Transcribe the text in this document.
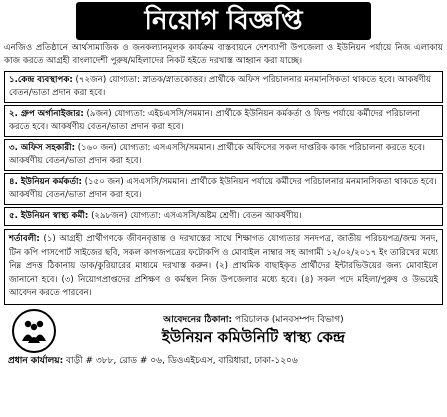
নিয়োগ বিজ্ঞপ্তি

এনজিও প্রতিষ্ঠানে আর্থসামাজিক ও জনকল্যানমূলক কার্যক্রম বাস্তবায়নে দেশব্যাপী উপজেলা ও ইউনিয়ন পর্যায়ে নিজ এলাকায় কাজ করতে আগ্রহী বাংলাদেশী পুরুষ/মহিলাদের নিকট হইতে দরখাস্ত আহ্বান করা যাচ্ছে।

১.কেন্দ্র ব্যবস্থাপক: (৭২জন) যোগ্যতা: স্নাতক/স্নাতকোত্তর। প্রার্থীকে অফিস পরিচালনার মনমানসিকতা থাকতে হবে। আকর্ষণীয় বেতন/ভাতা প্রদান করা হবে।
২. গ্রুপ অর্গানাইজার: (৯জন) যোগ্যতা: এইচএসসি/সমমান। প্রার্থীকে ইউনিয়ন কর্মকর্তা ও ফিল্ড পর্যায়ে কর্মীদের পরিচালনা করতে হবে। আকর্ষণীয় বেতন/ভাতা প্রদান করা হবে।
৩. অফিস সহকারী: (১৬০ জন) যোগ্যতা: এসএসসি/সমমান। প্রার্থীকে অফিসের সকল দাপ্তরিক কাজ পরিচালনা করতে হবে। আকর্ষণীয় বেতন/ভাতা প্রদান করা হবে।
৪. ইউনিয়ন কর্মকর্তা: (১৫০ জন) এসএসসি/সমমান। প্রার্থীকে ইউনিয়ন পর্যায়ে কর্মীদের পরিচালনার মনমানসিকতা থাকতে হবে। আকর্ষণীয় বেতন/ভাতা প্রদান করা হবে।
৫. ইউনিয়ন স্বাস্থ্য কর্মী: (২৯৮জন) যোগ্যতা: এসএসসি/অষ্টম শ্রেণী। বেতন আকর্ষণীয়।
শর্তাবলী: (১) আগ্রহী প্রার্থীগণকে জীবনবৃত্তান্ত ও দরখাস্তের সাথে শিক্ষাগত যোগ্যতার সনদপত্র, জাতীয় পরিচয়পত্র/জন্ম সনদ, টিন কপি পাসপোর্ট সাইজের ছবি, সকল কাগজপত্রের ফটোকপি ও মোবাইল নাম্বার সহ আগামী ১২/০২/২০১৭ ইং তারিখের মধ্যে নিম্ন প্রদত্ত ঠিকানায় ডাক/কুরিয়ারের মাধ্যমে দরখাস্ত করুন। (২) প্রাথমিক বাছাইকৃত প্রার্থীদের ইন্টারভিউয়ের জন্য মোবাইলে জানানো হবে। (৩) নিয়োগপ্রাপ্তদের প্রশিক্ষণ ও কর্মস্থল নিজ উপজেলার মধ্যে হবে। (৪) সকল পদে মহিলা/পুরুষ ও উভয়েই আবেদন করতে পারবেন।
আবেদনের ঠিকানা: পরিচালক (মানবসম্পদ বিভাগ)
ইউনিয়ন কমিউনিটি স্বাস্থ্য কেন্দ্র
প্রধান কার্যালয়: বাড়ী # ৩৮৮, রোড # ০৬, ডিওএইচএস, বারিধারা, ঢাকা-১২০৬
